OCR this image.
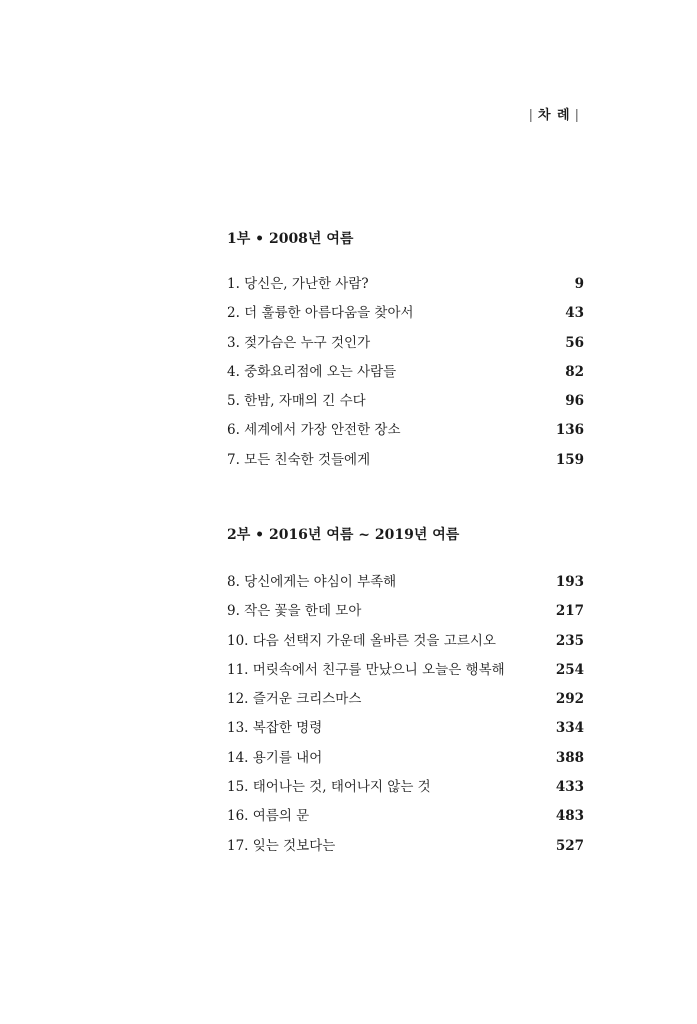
| 차 례 |
1부 • 2008년 여름
1. 당신은, 가난한 사람?	9
2. 더 훌륭한 아름다움을 찾아서	43
3. 젖가슴은 누구 것인가	56
4. 중화요리점에 오는 사람들	82
5. 한밤, 자매의 긴 수다	96
6. 세계에서 가장 안전한 장소	136
7. 모든 친숙한 것들에게	159
2부 • 2016년 여름 ~ 2019년 여름
8. 당신에게는 야심이 부족해	193
9. 작은 꽃을 한데 모아	217
10. 다음 선택지 가운데 올바른 것을 고르시오	235
11. 머릿속에서 친구를 만났으니 오늘은 행복해	254
12. 즐거운 크리스마스	292
13. 복잡한 명령	334
14. 용기를 내어	388
15. 태어나는 것, 태어나지 않는 것	433
16. 여름의 문	483
17. 잊는 것보다는	527
